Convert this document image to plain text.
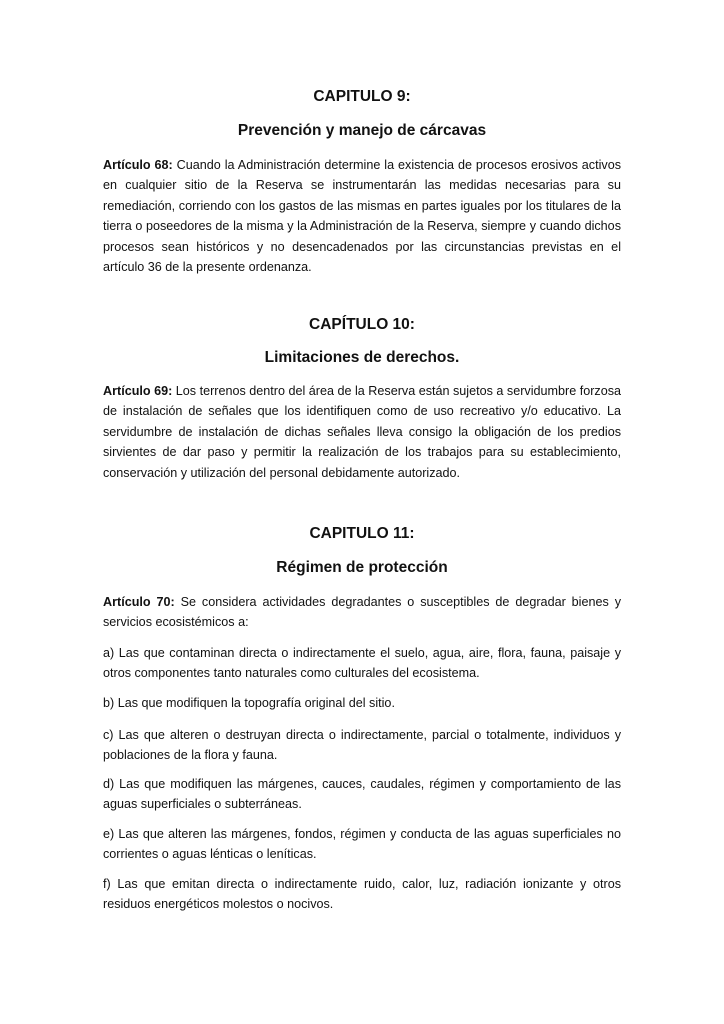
CAPITULO 9:

Prevención y manejo de cárcavas

Artículo 68: Cuando la Administración determine la existencia de procesos erosivos activos en cualquier sitio de la Reserva se instrumentarán las medidas necesarias para su remediación, corriendo con los gastos de las mismas en partes iguales por los titulares de la tierra o poseedores de la misma y la Administración de la Reserva, siempre y cuando dichos procesos sean históricos y no desencadenados por las circunstancias previstas en el artículo 36 de la presente ordenanza.

CAPÍTULO 10:

Limitaciones de derechos.

Artículo 69: Los terrenos dentro del área de la Reserva están sujetos a servidumbre forzosa de instalación de señales que los identifiquen como de uso recreativo y/o educativo. La servidumbre de instalación de dichas señales lleva consigo la obligación de los predios sirvientes de dar paso y permitir la realización de los trabajos para su establecimiento, conservación y utilización del personal debidamente autorizado.

CAPITULO 11:

Régimen de protección

Artículo 70: Se considera actividades degradantes o susceptibles de degradar bienes y servicios ecosistémicos a:

a) Las que contaminan directa o indirectamente el suelo, agua, aire, flora, fauna, paisaje y otros componentes tanto naturales como culturales del ecosistema.

b) Las que modifiquen la topografía original del sitio.

c) Las que alteren o destruyan directa o indirectamente, parcial o totalmente, individuos y poblaciones de la flora y fauna.

d) Las que modifiquen las márgenes, cauces, caudales, régimen y comportamiento de las aguas superficiales o subterráneas.

e) Las que alteren las márgenes, fondos, régimen y conducta de las aguas superficiales no corrientes o aguas lénticas o leníticas.

f) Las que emitan directa o indirectamente ruido, calor, luz, radiación ionizante y otros residuos energéticos molestos o nocivos.
